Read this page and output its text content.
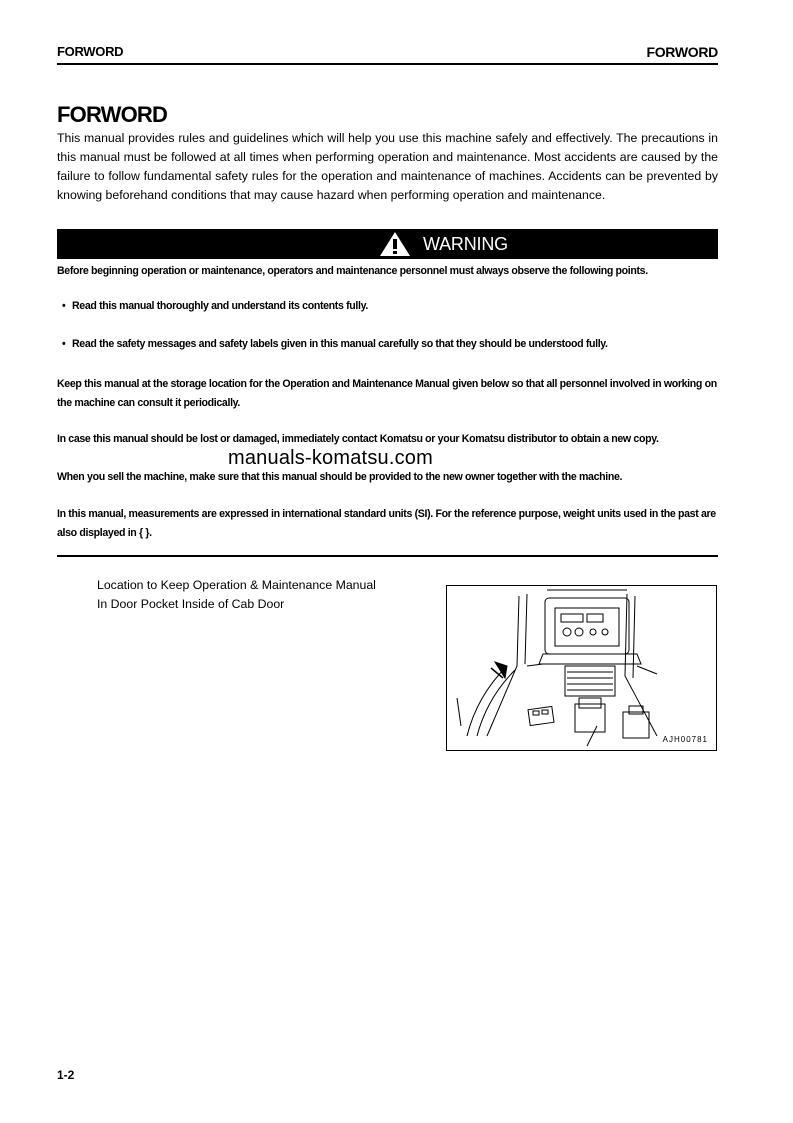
FORWORD	FORWORD
FORWORD
This manual provides rules and guidelines which will help you use this machine safely and effectively. The precautions in this manual must be followed at all times when performing operation and maintenance. Most accidents are caused by the failure to follow fundamental safety rules for the operation and maintenance of machines. Accidents can be prevented by knowing beforehand conditions that may cause hazard when performing operation and maintenance.
WARNING
Before beginning operation or maintenance, operators and maintenance personnel must always observe the following points.
• Read this manual thoroughly and understand its contents fully.
• Read the safety messages and safety labels given in this manual carefully so that they should be understood fully.
Keep this manual at the storage location for the Operation and Maintenance Manual given below so that all personnel involved in working on the machine can consult it periodically.
In case this manual should be lost or damaged, immediately contact Komatsu or your Komatsu distributor to obtain a new copy.
manuals-komatsu.com
When you sell the machine, make sure that this manual should be provided to the new owner together with the machine.
In this manual, measurements are expressed in international standard units (SI). For the reference purpose, weight units used in the past are also displayed in { }.
Location to Keep Operation & Maintenance Manual
In Door Pocket Inside of Cab Door
AJH00781
1-2
